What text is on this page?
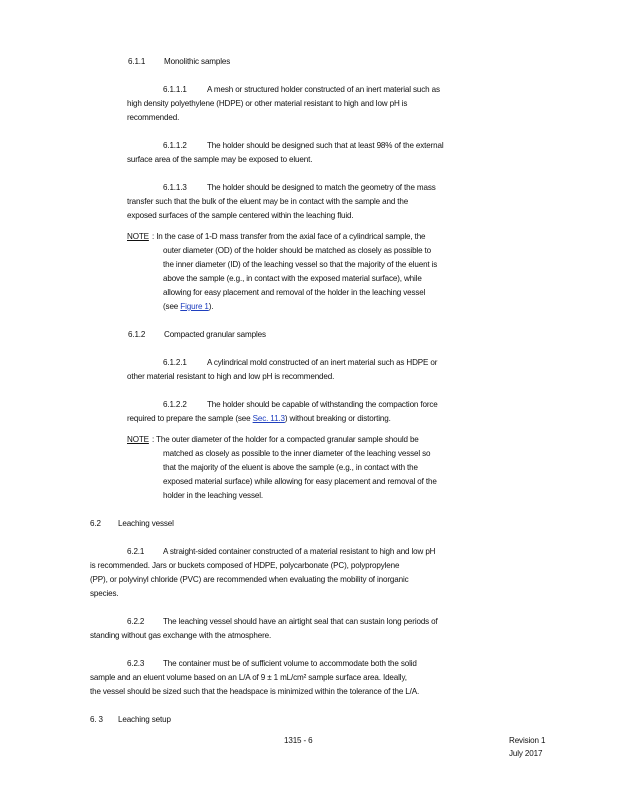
6.1.1 Monolithic samples
6.1.1.1 A mesh or structured holder constructed of an inert material such as
high density polyethylene (HDPE) or other material resistant to high and low pH is
recommended.
6.1.1.2 The holder should be designed such that at least 98% of the external
surface area of the sample may be exposed to eluent.
6.1.1.3 The holder should be designed to match the geometry of the mass
transfer such that the bulk of the eluent may be in contact with the sample and the
exposed surfaces of the sample centered within the leaching fluid.
NOTE : In the case of 1-D mass transfer from the axial face of a cylindrical sample, the
outer diameter (OD) of the holder should be matched as closely as possible to
the inner diameter (ID) of the leaching vessel so that the majority of the eluent is
above the sample (e.g., in contact with the exposed material surface), while
allowing for easy placement and removal of the holder in the leaching vessel
(see Figure 1).
6.1.2 Compacted granular samples
6.1.2.1 A cylindrical mold constructed of an inert material such as HDPE or
other material resistant to high and low pH is recommended.
6.1.2.2 The holder should be capable of withstanding the compaction force
required to prepare the sample (see Sec. 11.3) without breaking or distorting.
NOTE : The outer diameter of the holder for a compacted granular sample should be
matched as closely as possible to the inner diameter of the leaching vessel so
that the majority of the eluent is above the sample (e.g., in contact with the
exposed material surface) while allowing for easy placement and removal of the
holder in the leaching vessel.
6.2 Leaching vessel
6.2.1 A straight-sided container constructed of a material resistant to high and low pH
is recommended. Jars or buckets composed of HDPE, polycarbonate (PC), polypropylene
(PP), or polyvinyl chloride (PVC) are recommended when evaluating the mobility of inorganic
species.
6.2.2 The leaching vessel should have an airtight seal that can sustain long periods of
standing without gas exchange with the atmosphere.
6.2.3 The container must be of sufficient volume to accommodate both the solid
sample and an eluent volume based on an L/A of 9 ± 1 mL/cm² sample surface area. Ideally,
the vessel should be sized such that the headspace is minimized within the tolerance of the L/A.
6. 3 Leaching setup
1315 - 6	Revision 1
July 2017
